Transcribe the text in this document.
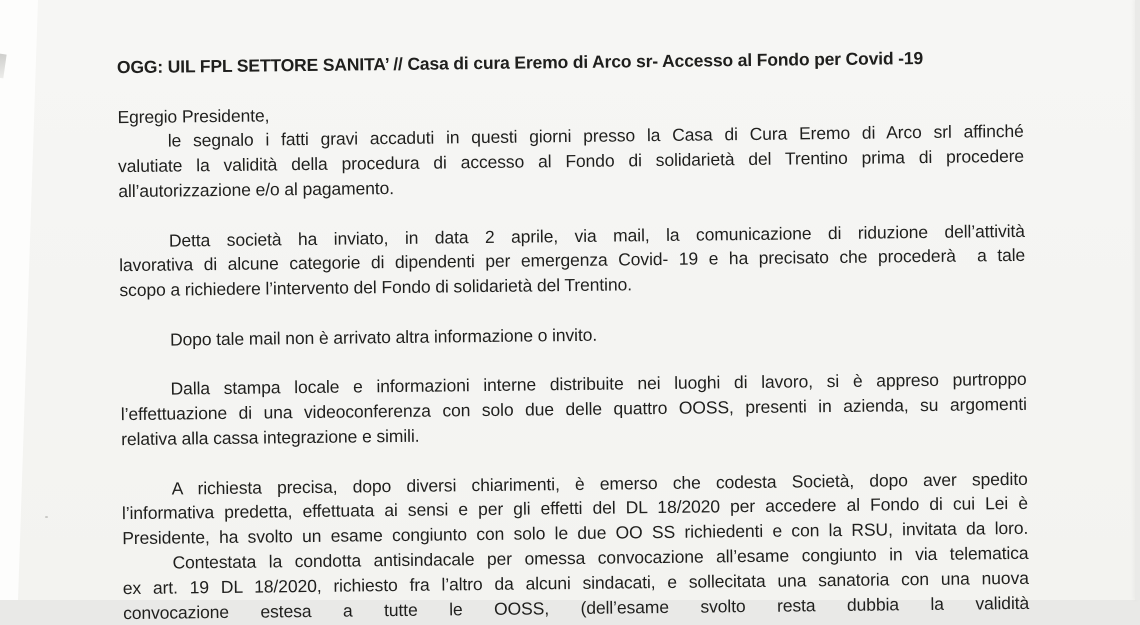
OGG: UIL FPL SETTORE SANITA’ // Casa di cura Eremo di Arco sr- Accesso al Fondo per Covid -19
Egregio Presidente,
le segnalo i fatti gravi accaduti in questi giorni presso la Casa di Cura Eremo di Arco srl affinché
valutiate la validità della procedura di accesso al Fondo di solidarietà del Trentino prima di procedere
all’autorizzazione e/o al pagamento.
Detta società ha inviato, in data 2 aprile, via mail, la comunicazione di riduzione dell’attività
lavorativa di alcune categorie di dipendenti per emergenza Covid- 19 e ha precisato che procederà  a tale
scopo a richiedere l’intervento del Fondo di solidarietà del Trentino.
Dopo tale mail non è arrivato altra informazione o invito.
Dalla stampa locale e informazioni interne distribuite nei luoghi di lavoro, si è appreso purtroppo
l’effettuazione di una videoconferenza con solo due delle quattro OOSS, presenti in azienda, su argomenti
relativa alla cassa integrazione e simili.
A richiesta precisa, dopo diversi chiarimenti, è emerso che codesta Società, dopo aver spedito
l’informativa predetta, effettuata ai sensi e per gli effetti del DL 18/2020 per accedere al Fondo di cui Lei è
Presidente, ha svolto un esame congiunto con solo le due OO SS richiedenti e con la RSU, invitata da loro.
Contestata la condotta antisindacale per omessa convocazione all’esame congiunto in via telematica
ex art. 19 DL 18/2020, richiesto fra l’altro da alcuni sindacati, e sollecitata una sanatoria con una nuova
convocazione estesa a tutte le OOSS, (dell’esame svolto resta dubbia la validità
